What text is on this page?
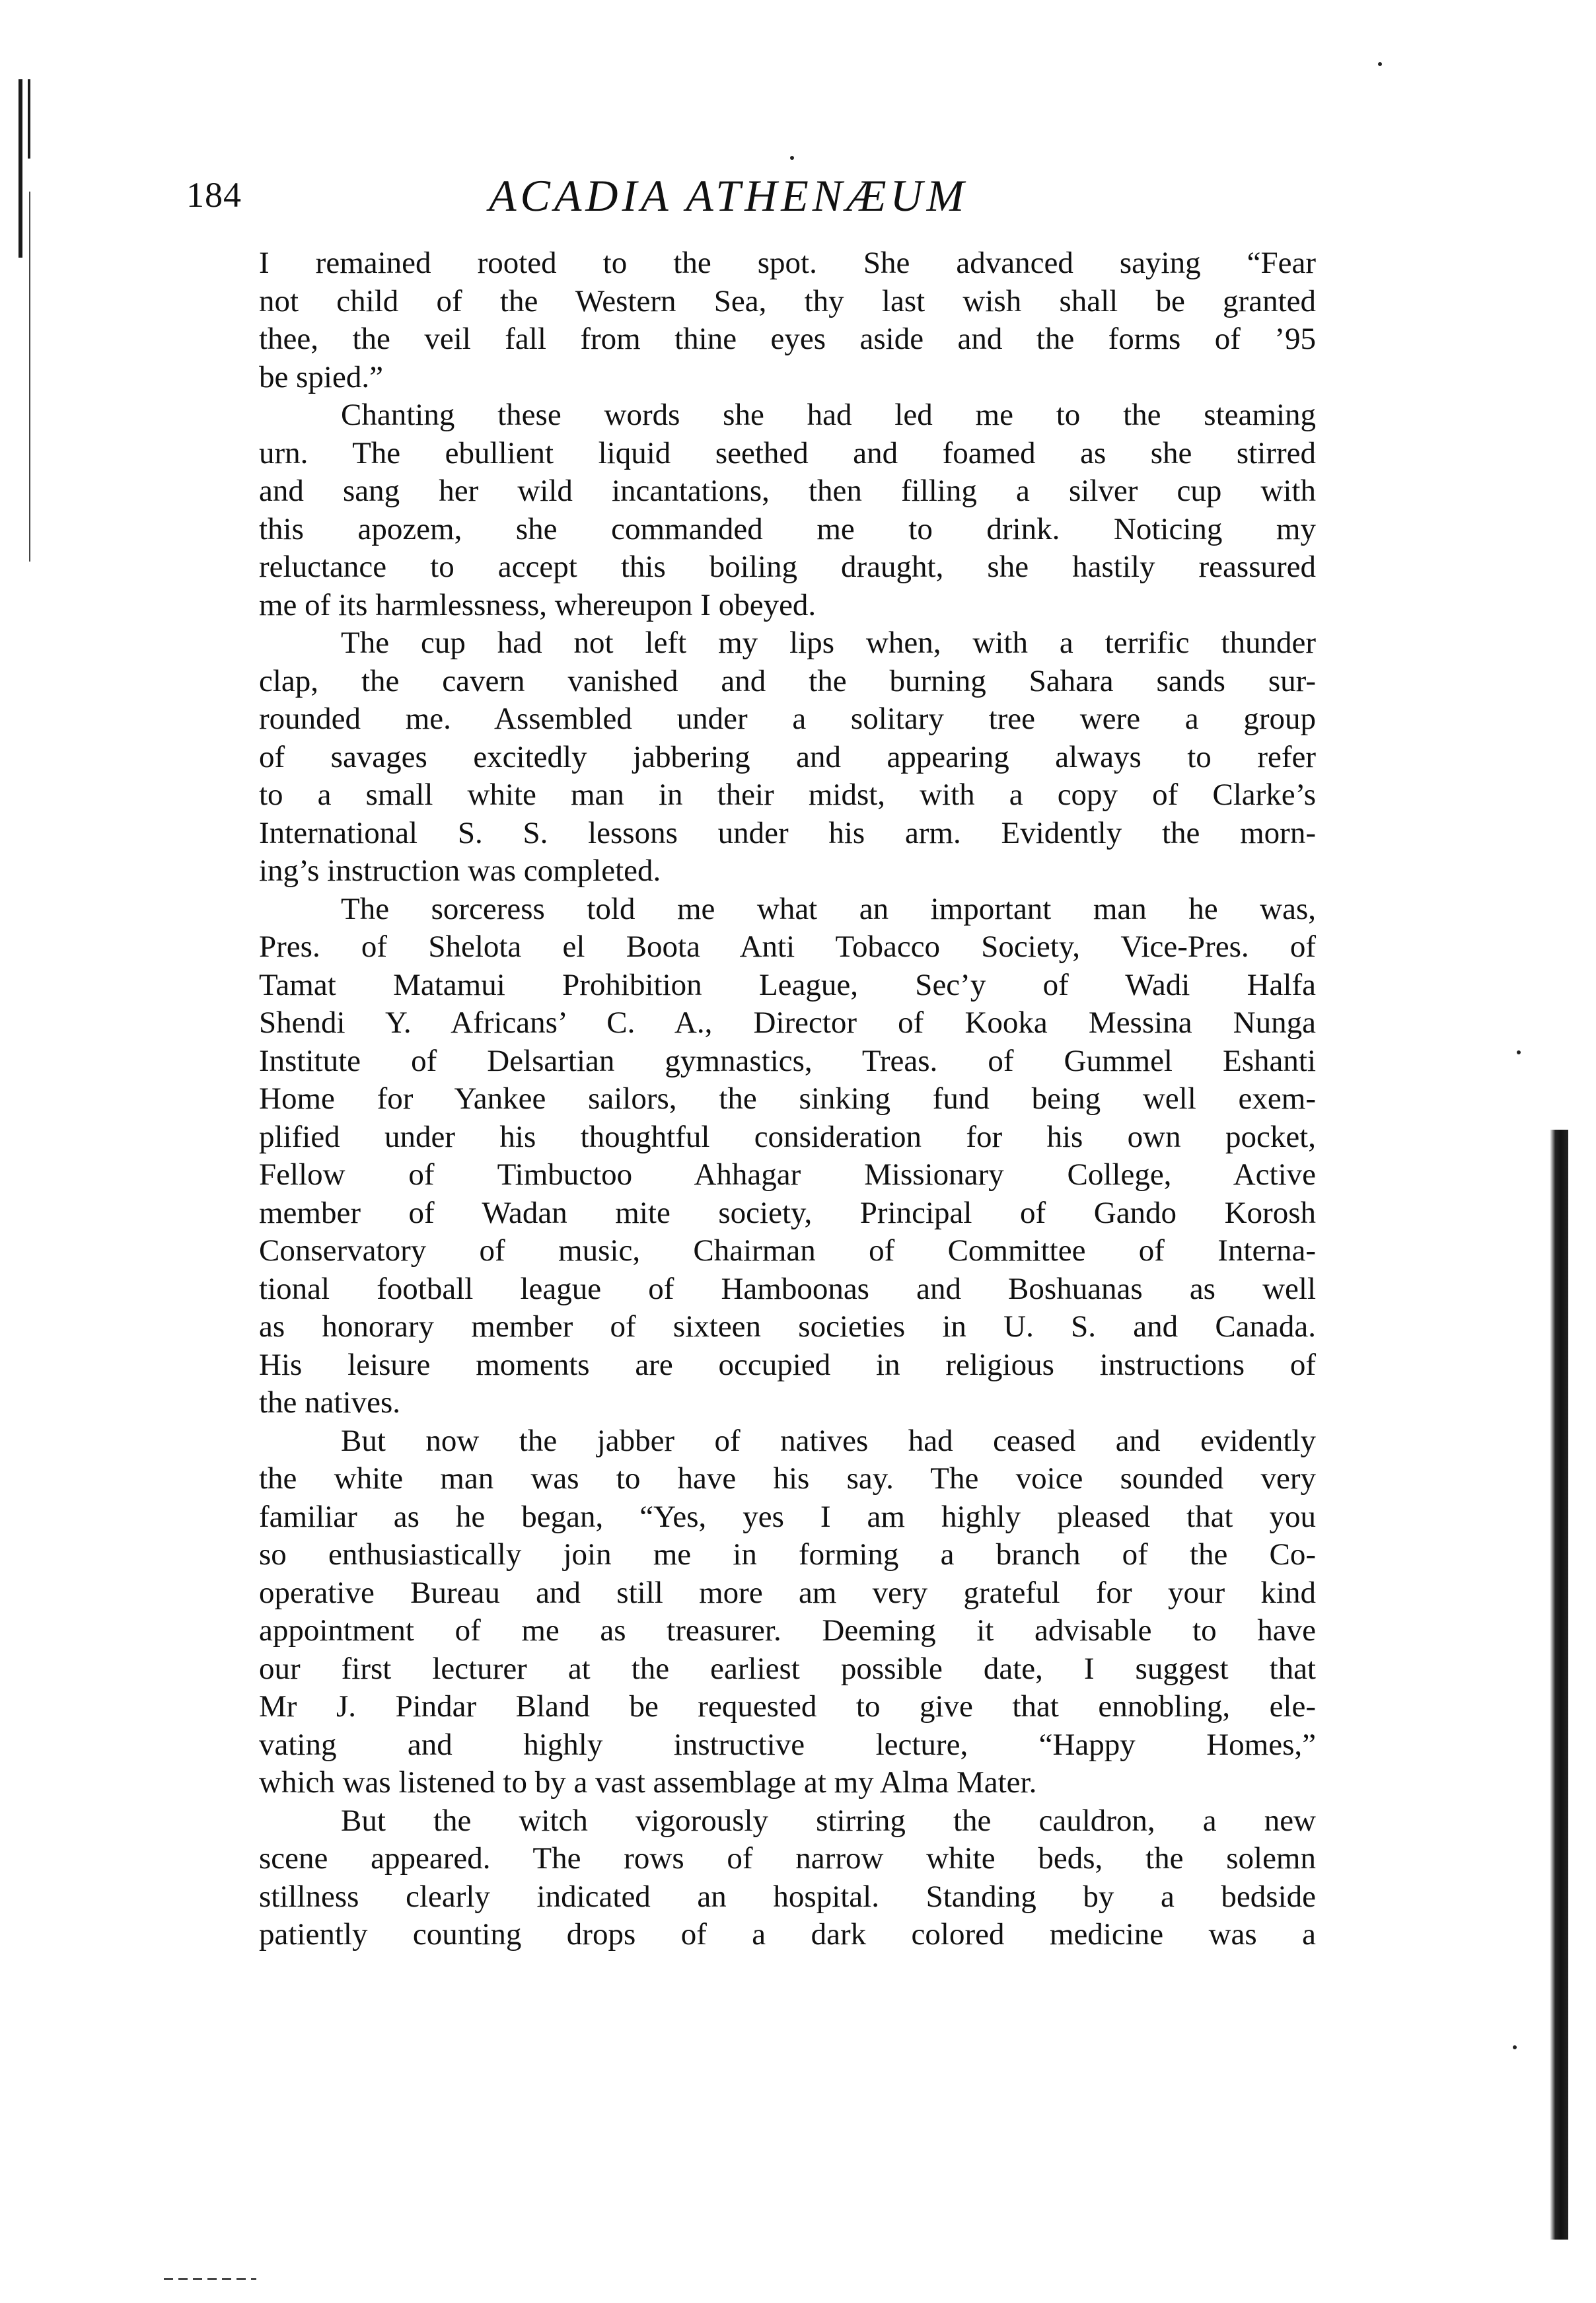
184	ACADIA ATHENÆUM
I remained rooted to the spot. She advanced saying “Fear
not child of the Western Sea, thy last wish shall be granted
thee, the veil fall from thine eyes aside and the forms of ’95
be spied.”
Chanting these words she had led me to the steaming
urn. The ebullient liquid seethed and foamed as she stirred
and sang her wild incantations, then filling a silver cup with
this apozem, she commanded me to drink. Noticing my
reluctance to accept this boiling draught, she hastily reassured
me of its harmlessness, whereupon I obeyed.
The cup had not left my lips when, with a terrific thunder
clap, the cavern vanished and the burning Sahara sands sur-
rounded me. Assembled under a solitary tree were a group
of savages excitedly jabbering and appearing always to refer
to a small white man in their midst, with a copy of Clarke’s
International S. S. lessons under his arm. Evidently the morn-
ing’s instruction was completed.
The sorceress told me what an important man he was,
Pres. of Shelota el Boota Anti Tobacco Society, Vice-Pres. of
Tamat Matamui Prohibition League, Sec’y of Wadi Halfa
Shendi Y. Africans’ C. A., Director of Kooka Messina Nunga
Institute of Delsartian gymnastics, Treas. of Gummel Eshanti
Home for Yankee sailors, the sinking fund being well exem-
plified under his thoughtful consideration for his own pocket,
Fellow of Timbuctoo Ahhagar Missionary College, Active
member of Wadan mite society, Principal of Gando Korosh
Conservatory of music, Chairman of Committee of Interna-
tional football league of Hamboonas and Boshuanas as well
as honorary member of sixteen societies in U. S. and Canada.
His leisure moments are occupied in religious instructions of
the natives.
But now the jabber of natives had ceased and evidently
the white man was to have his say. The voice sounded very
familiar as he began, “Yes, yes I am highly pleased that you
so enthusiastically join me in forming a branch of the Co-
operative Bureau and still more am very grateful for your kind
appointment of me as treasurer. Deeming it advisable to have
our first lecturer at the earliest possible date, I suggest that
Mr J. Pindar Bland be requested to give that ennobling, ele-
vating and highly instructive lecture, “Happy Homes,”
which was listened to by a vast assemblage at my Alma Mater.
But the witch vigorously stirring the cauldron, a new
scene appeared. The rows of narrow white beds, the solemn
stillness clearly indicated an hospital. Standing by a bedside
patiently counting drops of a dark colored medicine was a
